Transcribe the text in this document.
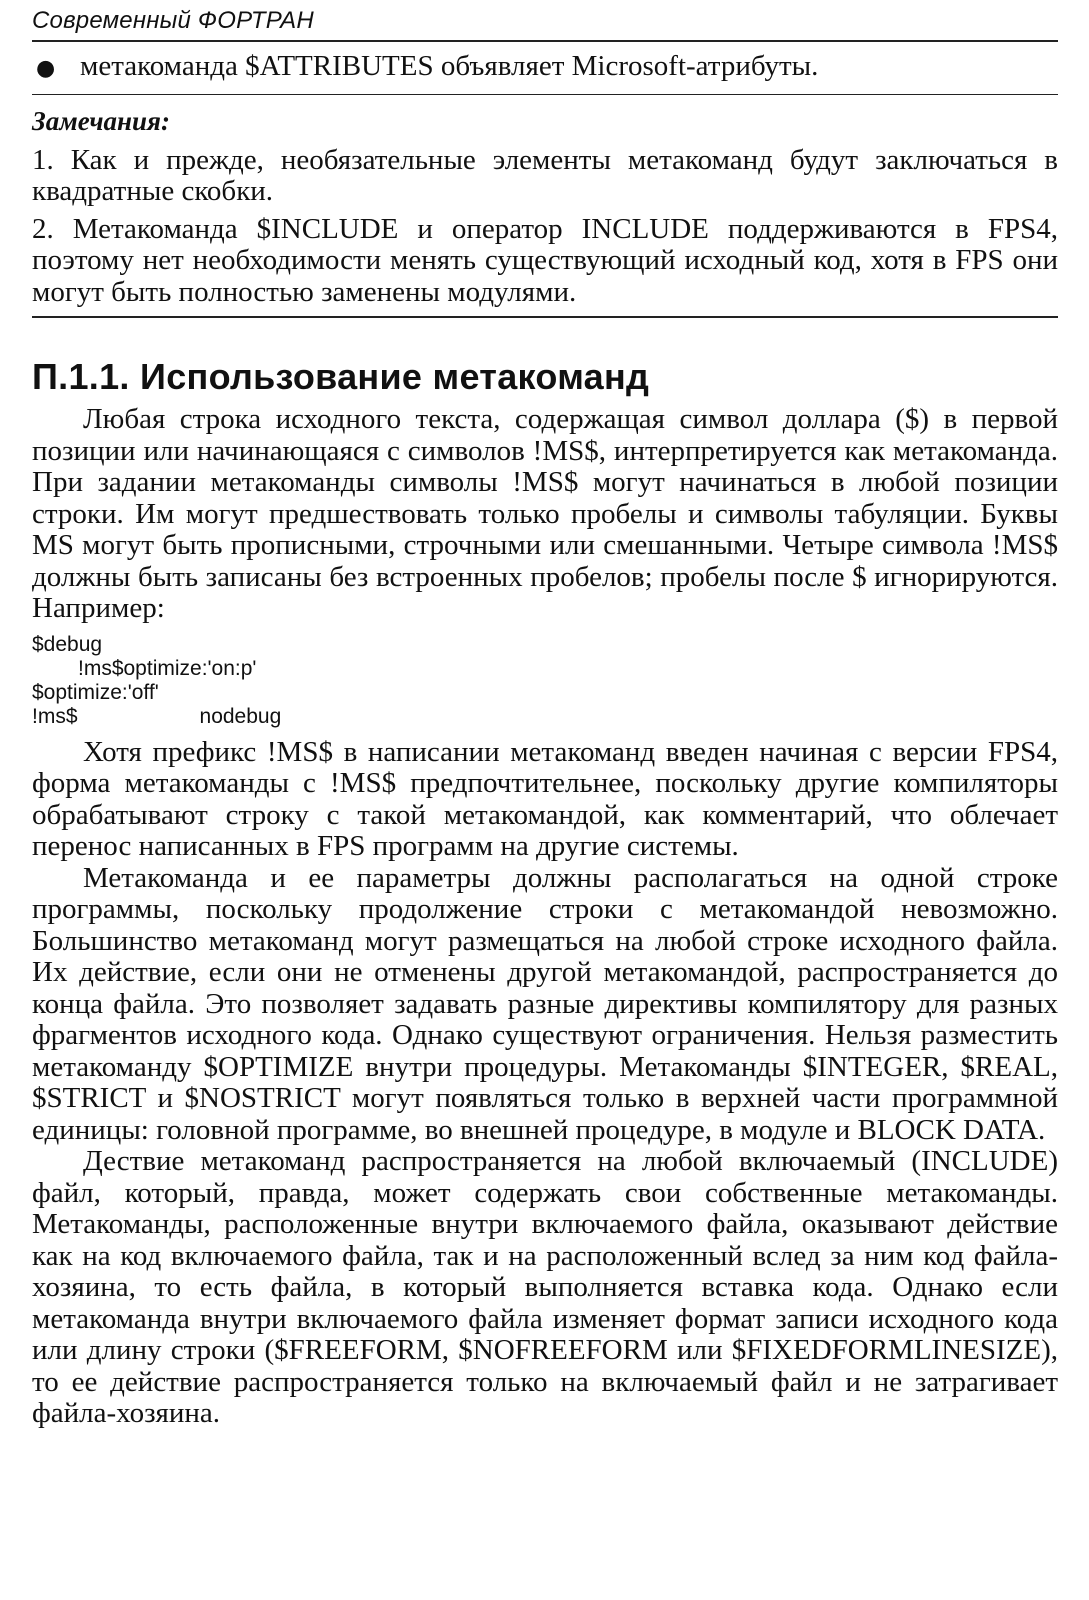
Современный ФОРТРАН
● метакоманда $ATTRIBUTES объявляет Microsoft-атрибуты.
Замечания:
1. Как и прежде, необязательные элементы метакоманд будут заключаться в квадратные скобки.
2. Метакоманда $INCLUDE и оператор INCLUDE поддерживаются в FPS4, поэтому нет необходимости менять существующий исходный код, хотя в FPS они могут быть полностью заменены модулями.
П.1.1. Использование метакоманд

Любая строка исходного текста, содержащая символ доллара ($) в первой позиции или начинающаяся с символов !MS$, интерпретируется как метакоманда. При задании метакоманды символы !MS$ могут начинаться в любой позиции строки. Им могут предшествовать только пробелы и символы табуляции. Буквы MS могут быть прописными, строчными или смешанными. Четыре символа !MS$ должны быть записаны без встроенных пробелов; пробелы после $ игнорируются. Например:

$debug
!ms$optimize:'on:p'
$optimize:'off'
!ms$	nodebug

Хотя префикс !MS$ в написании метакоманд введен начиная с версии FPS4, форма метакоманды с !MS$ предпочтительнее, поскольку другие компиляторы обрабатывают строку с такой метакомандой, как комментарий, что облечает перенос написанных в FPS программ на другие системы.

Метакоманда и ее параметры должны располагаться на одной строке программы, поскольку продолжение строки с метакомандой невозможно. Большинство метакоманд могут размещаться на любой строке исходного файла. Их действие, если они не отменены другой метакомандой, распространяется до конца файла. Это позволяет задавать разные директивы компилятору для разных фрагментов исходного кода. Однако существуют ограничения. Нельзя разместить метакоманду $OPTIMIZE внутри процедуры. Метакоманды $INTEGER, $REAL, $STRICT и $NOSTRICT могут появляться только в верхней части программной единицы: головной программе, во внешней процедуре, в модуле и BLOCK DATA.

Дествие метакоманд распространяется на любой включаемый (INCLUDE) файл, который, правда, может содержать свои собственные метакоманды. Метакоманды, расположенные внутри включаемого файла, оказывают действие как на код включаемого файла, так и на расположенный вслед за ним код файла-хозяина, то есть файла, в который выполняется вставка кода. Однако если метакоманда внутри включаемого файла изменяет формат записи исходного кода или длину строки ($FREEFORM, $NOFREEFORM или $FIXEDFORMLINESIZE), то ее действие распространяется только на включаемый файл и не затрагивает файла-хозяина.
